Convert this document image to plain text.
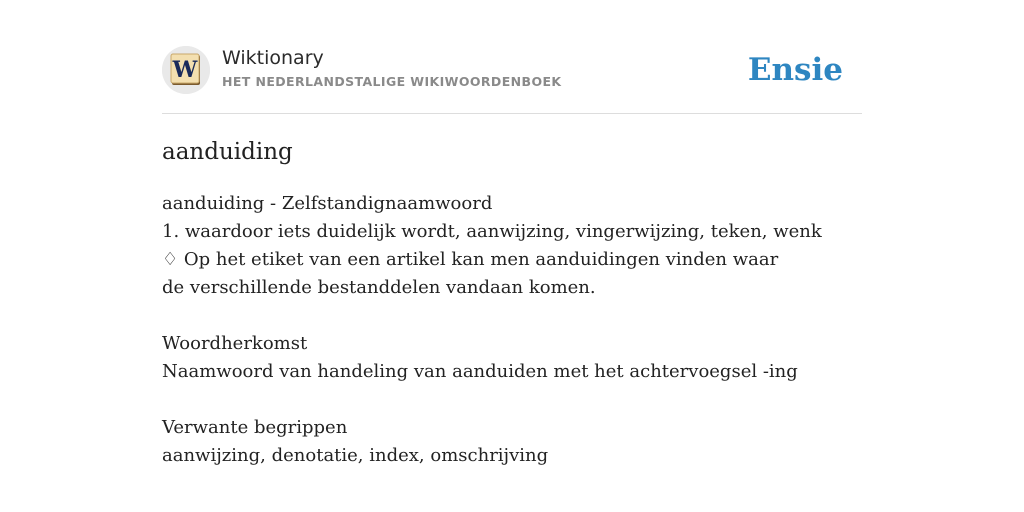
W Wiktionary
HET NEDERLANDSTALIGE WIKIWOORDENBOEK	Ensie
aanduiding
aanduiding - Zelfstandignaamwoord
1. waardoor iets duidelijk wordt, aanwijzing, vingerwijzing, teken, wenk
♢ Op het etiket van een artikel kan men aanduidingen vinden waar de verschillende bestanddelen vandaan komen.
Woordherkomst
Naamwoord van handeling van aanduiden met het achtervoegsel -ing
Verwante begrippen
aanwijzing, denotatie, index, omschrijving
